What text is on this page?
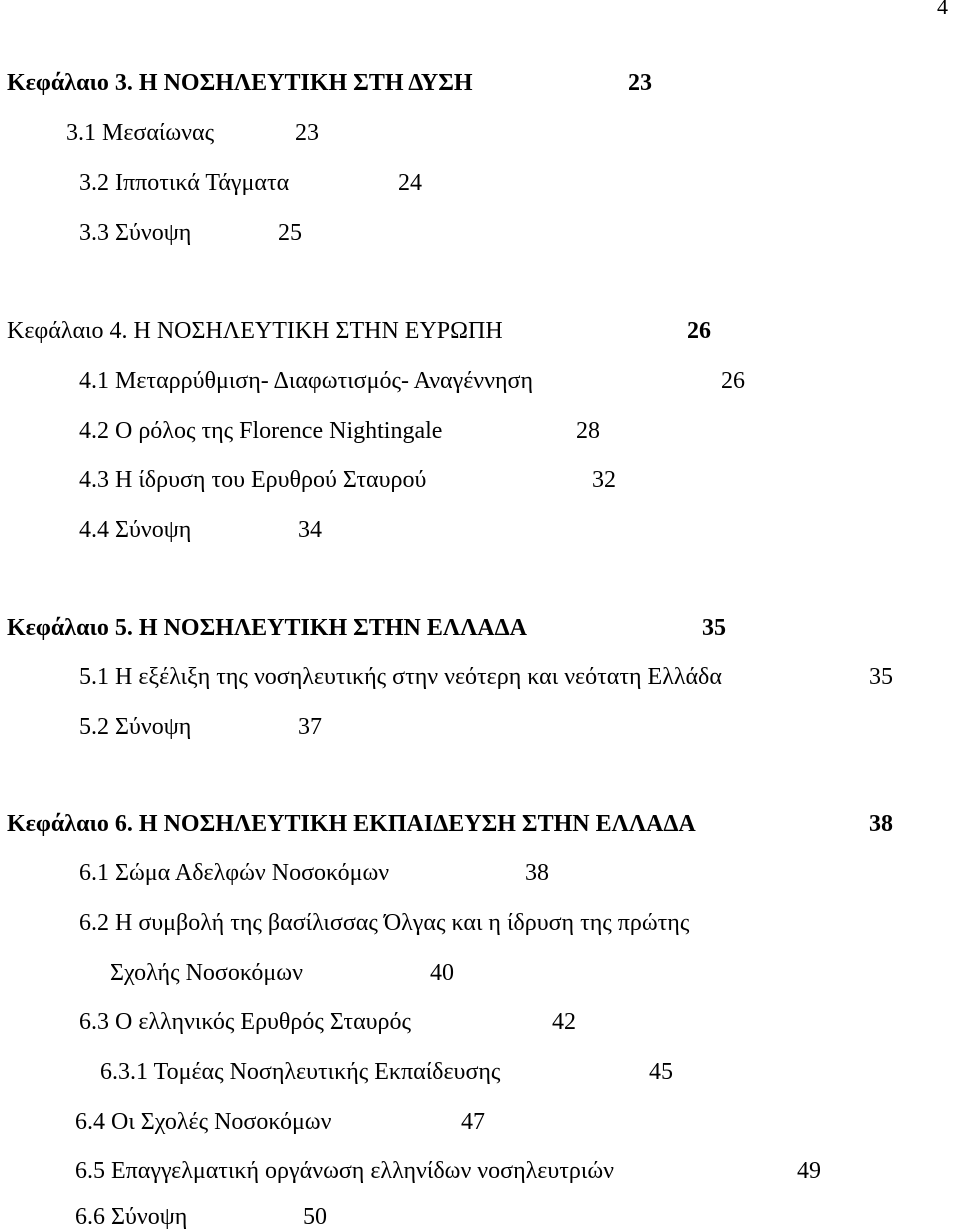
4
Κεφάλαιο 3. Η ΝΟΣΗΛΕΥΤΙΚΗ ΣΤΗ ΔΥΣΗ	23
3.1 Μεσαίωνας	23
3.2 Ιπποτικά Τάγματα	24
3.3 Σύνοψη	25
Κεφάλαιο 4. Η ΝΟΣΗΛΕΥΤΙΚΗ ΣΤΗΝ ΕΥΡΩΠΗ	26
4.1 Μεταρρύθμιση- Διαφωτισμός- Αναγέννηση	26
4.2 Ο ρόλος της Florence Nightingale	28
4.3 Η ίδρυση του Ερυθρού Σταυρού	32
4.4 Σύνοψη	34
Κεφάλαιο 5. Η ΝΟΣΗΛΕΥΤΙΚΗ ΣΤΗΝ ΕΛΛΑΔΑ	35
5.1 Η εξέλιξη της νοσηλευτικής στην νεότερη και νεότατη Ελλάδα	35
5.2 Σύνοψη	37
Κεφάλαιο 6. Η ΝΟΣΗΛΕΥΤΙΚΗ ΕΚΠΑΙΔΕΥΣΗ ΣΤΗΝ ΕΛΛΑΔΑ	38
6.1 Σώμα Αδελφών Νοσοκόμων	38
6.2 Η συμβολή της βασίλισσας Όλγας και η ίδρυση της πρώτης
Σχολής Νοσοκόμων	40
6.3 Ο ελληνικός Ερυθρός Σταυρός	42
6.3.1 Τομέας Νοσηλευτικής Εκπαίδευσης	45
6.4 Οι Σχολές Νοσοκόμων	47
6.5 Επαγγελματική οργάνωση ελληνίδων νοσηλευτριών	49
6.6 Σύνοψη	50
